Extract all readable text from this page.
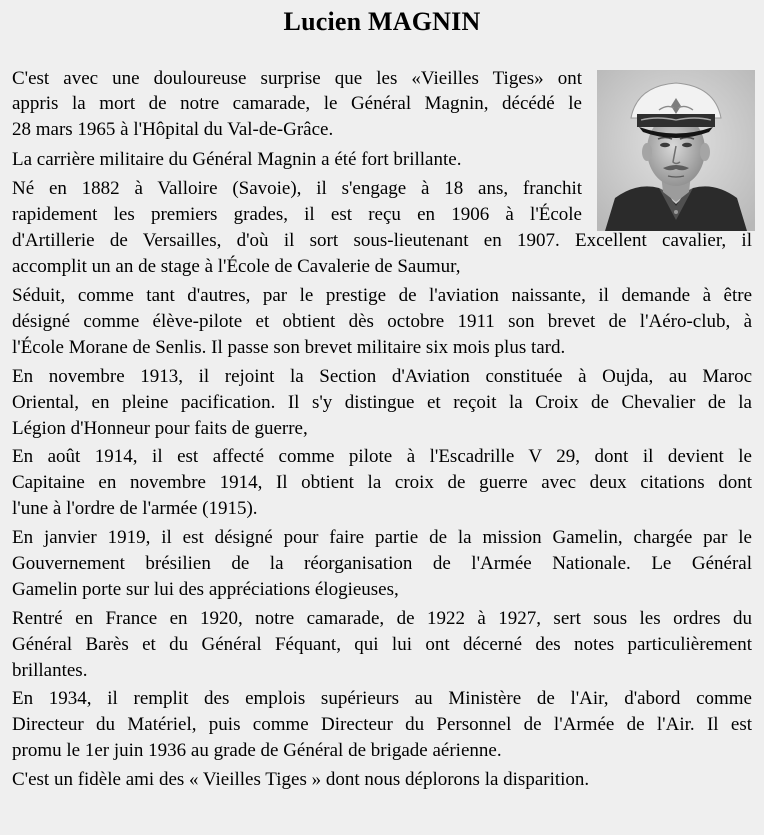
Lucien MAGNIN
C'est avec une douloureuse surprise que les «Vieilles Tiges» ont
appris la mort de notre camarade, le Général Magnin, décédé le
28 mars 1965 à l'Hôpital du Val-de-Grâce.
La carrière militaire du Général Magnin a été fort brillante.
Né en 1882 à Valloire (Savoie), il s'engage à 18 ans, franchit
rapidement les premiers grades, il est reçu en 1906 à l'École
d'Artillerie de Versailles, d'où il sort sous-lieutenant en 1907. Excellent cavalier, il
accomplit un an de stage à l'École de Cavalerie de Saumur,
Séduit, comme tant d'autres, par le prestige de l'aviation naissante, il demande à être
désigné comme élève-pilote et obtient dès octobre 1911 son brevet de l'Aéro-club, à
l'École Morane de Senlis. Il passe son brevet militaire six mois plus tard.
En novembre 1913, il rejoint la Section d'Aviation constituée à Oujda, au Maroc
Oriental, en pleine pacification. Il s'y distingue et reçoit la Croix de Chevalier de la
Légion d'Honneur pour faits de guerre,
En août 1914, il est affecté comme pilote à l'Escadrille V 29, dont il devient le
Capitaine en novembre 1914, Il obtient la croix de guerre avec deux citations dont
l'une à l'ordre de l'armée (1915).
En janvier 1919, il est désigné pour faire partie de la mission Gamelin, chargée par le
Gouvernement brésilien de la réorganisation de l'Armée Nationale. Le Général
Gamelin porte sur lui des appréciations élogieuses,
Rentré en France en 1920, notre camarade, de 1922 à 1927, sert sous les ordres du
Général Barès et du Général Féquant, qui lui ont décerné des notes particulièrement
brillantes.
En 1934, il remplit des emplois supérieurs au Ministère de l'Air, d'abord comme
Directeur du Matériel, puis comme Directeur du Personnel de l'Armée de l'Air. Il est
promu le 1er juin 1936 au grade de Général de brigade aérienne.
C'est un fidèle ami des « Vieilles Tiges » dont nous déplorons la disparition.
